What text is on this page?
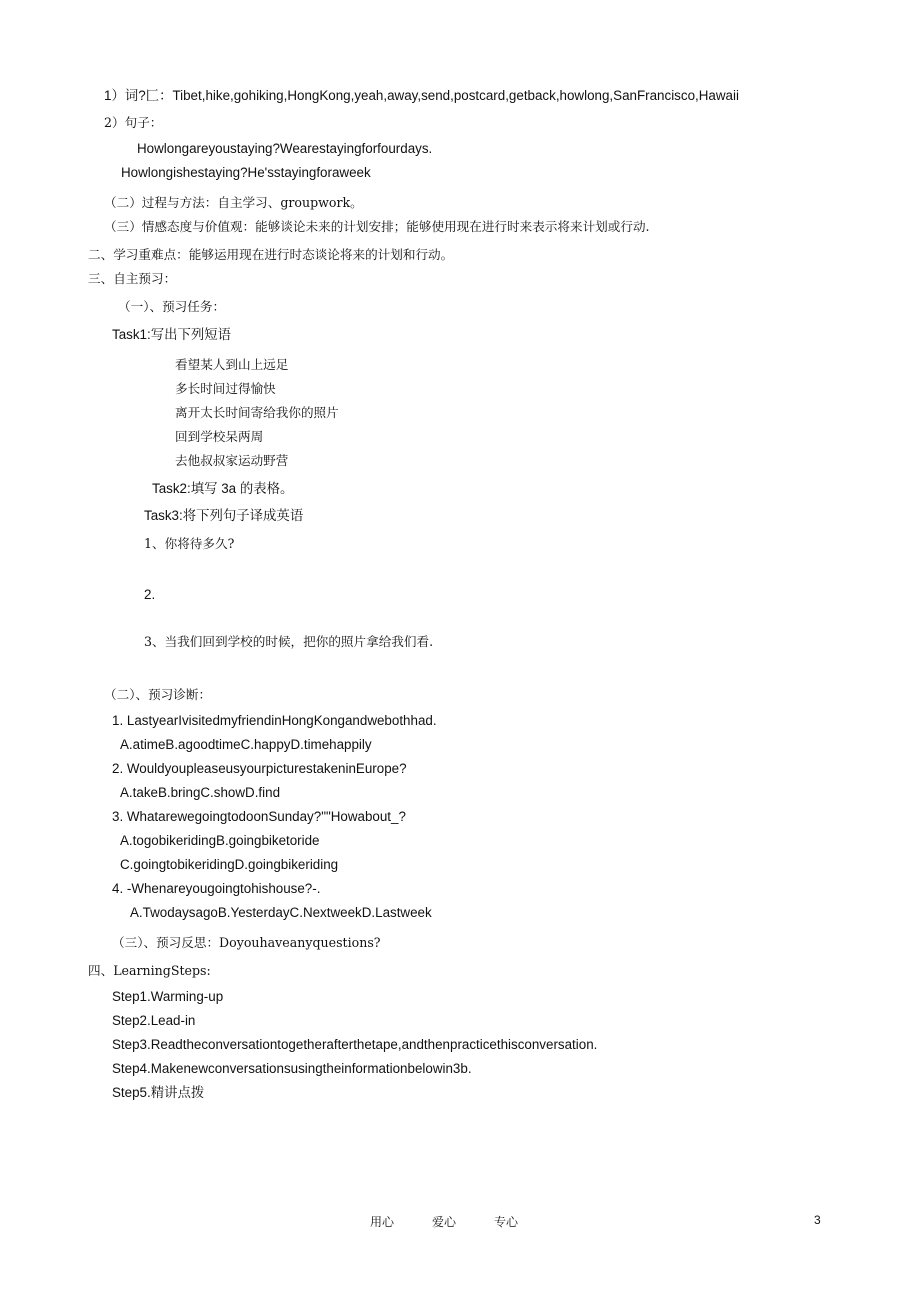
1）词?匚：Tibet,hike,gohiking,HongKong,yeah,away,send,postcard,getback,howlong,SanFrancisco,Hawaii
2）句子：
Howlongareyoustaying?Wearestayingforfourdays.
Howlongishestaying?He'sstayingforaweek
（二）过程与方法：自主学习、groupwork。
（三）情感态度与价值观：能够谈论未来的计划安排；能够使用现在进行时来表示将来计划或行动.
二、学习重难点：能够运用现在进行时态谈论将来的计划和行动。
三、自主预习：
（一）、预习任务：
Task1:写出下列短语
看望某人到山上远足
多长时间过得愉快
离开太长时间寄给我你的照片
回到学校呆两周
去他叔叔家运动野营
Task2:填写 3a 的表格。
Task3:将下列句子译成英语
1、你将待多久?
2.
3、当我们回到学校的时候，把你的照片拿给我们看.
（二）、预习诊断：
1. LastyearIvisitedmyfriendinHongKongandwebothhad.
A.atimeB.agoodtimeC.happyD.timehappily
2. WouldyoupleaseusyourpicturestakeninEurope?
A.takeB.bringC.showD.find
3. WhatarewegoingtodoonSunday?""Howabout_?
A.togobikeridingB.goingbiketoride
C.goingtobikeridingD.goingbikeriding
4. -Whenareyougoingtohishouse?-.
A.TwodaysagoB.YesterdayC.NextweekD.Lastweek
（三）、预习反思：Doyouhaveanyquestions?
四、LearningSteps:
Step1.Warming-up
Step2.Lead-in
Step3.Readtheconversationtogetherafterthetape,andthenpracticethisconversation.
Step4.Makenewconversationsusingtheinformationbelowin3b.
Step5.精讲点拨
用心	爱心	专心	3
